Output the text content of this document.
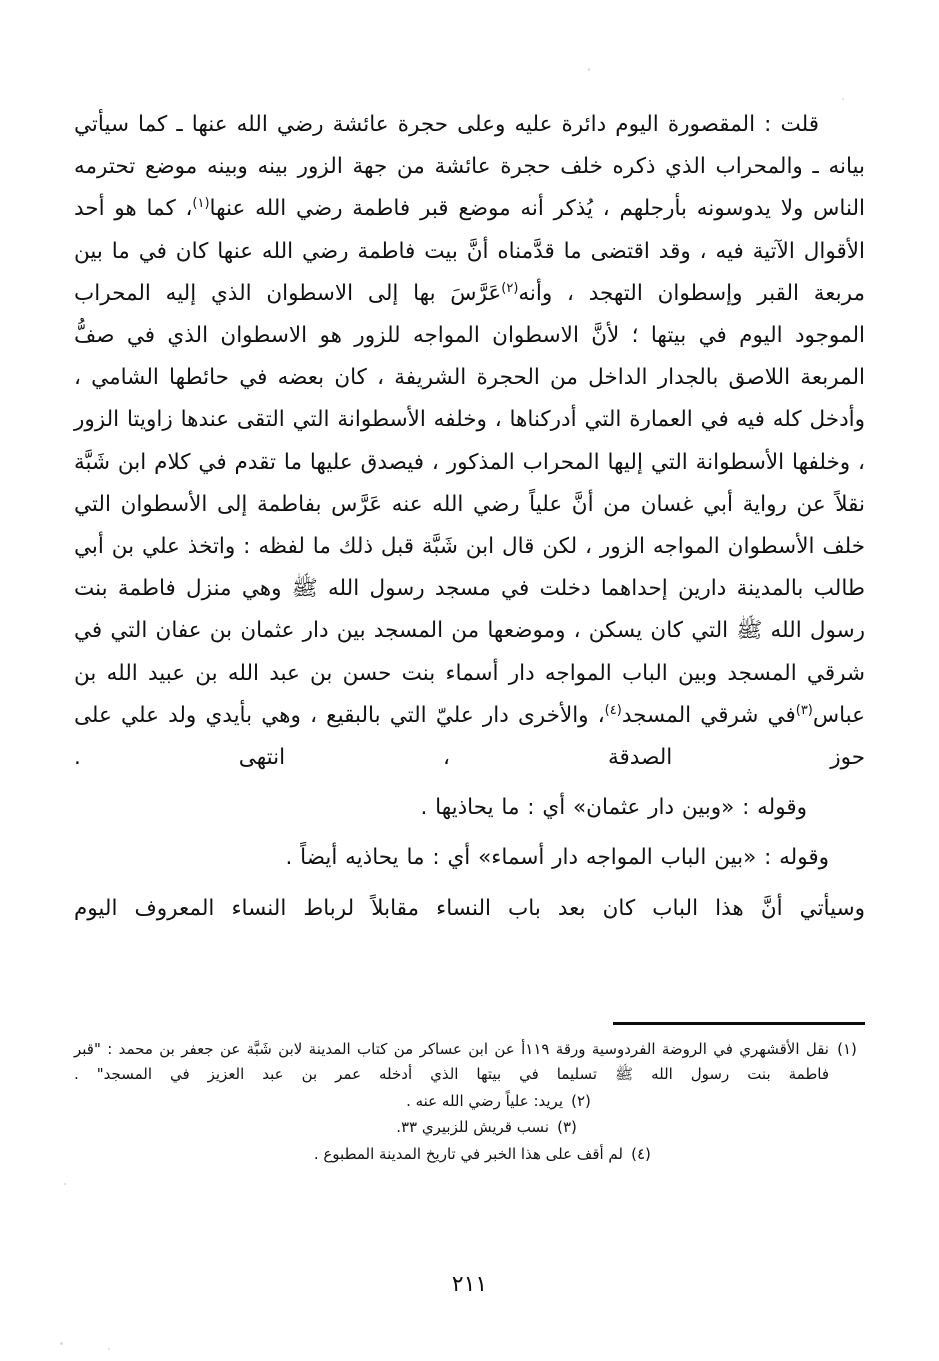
قلت : المقصورة اليوم دائرة عليه وعلى حجرة عائشة رضي الله عنها ـ كما سيأتي بيانه ـ والمحراب الذي ذكره خلف حجرة عائشة من جهة الزور بينه وبينه موضع تحترمه الناس ولا يدوسونه بأرجلهم ، يُذكر أنه موضع قبر فاطمة رضي الله عنها$^{(١)}$، كما هو أحد الأقوال الآتية فيه ، وقد اقتضى ما قدَّمناه أنَّ بيت فاطمة رضي الله عنها كان في ما بين مربعة القبر وإسطوان التهجد ، وأنه$^{(٢)}$عَرَّسَ بها إلى الاسطوان الذي إليه المحراب الموجود اليوم في بيتها ؛ لأنَّ الاسطوان المواجه للزور هو الاسطوان الذي في صفُّ المربعة اللاصق بالجدار الداخل من الحجرة الشريفة ، كان بعضه في حائطها الشامي ، وأدخل كله فيه في العمارة التي أدركناها ، وخلفه الأسطوانة التي التقى عندها زاويتا الزور ، وخلفها الأسطوانة التي إليها المحراب المذكور ، فيصدق عليها ما تقدم في كلام ابن شَبَّة نقلاً عن رواية أبي غسان من أنَّ علياً رضي الله عنه عَرَّس بفاطمة إلى الأسطوان التي خلف الأسطوان المواجه الزور ، لكن قال ابن شَبَّة قبل ذلك ما لفظه : واتخذ علي بن أبي طالب بالمدينة دارين إحداهما دخلت في مسجد رسول الله ﷺ وهي منزل فاطمة بنت رسول الله ﷺ التي كان يسكن ، وموضعها من المسجد بين دار عثمان بن عفان التي في شرقي المسجد وبين الباب المواجه دار أسماء بنت حسن بن عبد الله بن عبيد الله بن عباس$^{(٣)}$في شرقي المسجد$^{(٤)}$، والأخرى دار عليّ التي بالبقيع ، وهي بأيدي ولد علي على حوز الصدقة ، انتهى .

وقوله : «وبين دار عثمان» أي : ما يحاذيها .

وقوله : «بين الباب المواجه دار أسماء» أي : ما يحاذيه أيضاً .

وسيأتي أنَّ هذا الباب كان بعد باب النساء مقابلاً لرباط النساء المعروف اليوم

(١)
نقل الأقشهري في الروضة الفردوسية ورقة ١١٩أ عن ابن عساكر من كتاب المدينة لابن شَبَّة عن جعفر بن محمد : "قبر فاطمة بنت رسول الله ﷺ تسليما في بيتها الذي أدخله عمر بن عبد العزيز في المسجد" .
(٢)
يريد: علياً رضي الله عنه .
(٣)
نسب قريش للزبيري ٣٣.
(٤)
لم أقف على هذا الخبر في تاريخ المدينة المطبوع .
٢١١
